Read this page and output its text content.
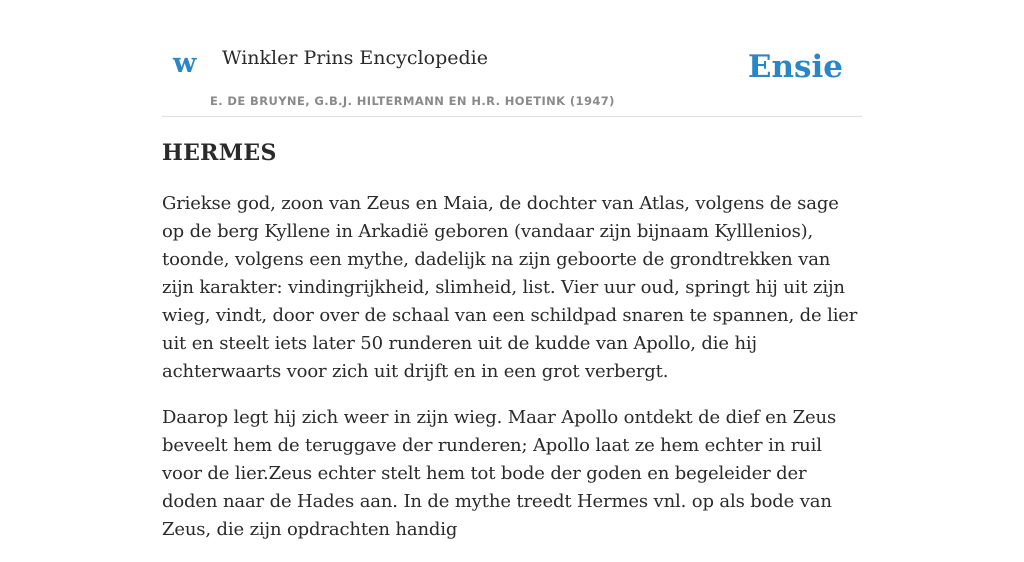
w Winkler Prins Encyclopedie
E. DE BRUYNE, G.B.J. HILTERMANN EN H.R. HOETINK (1947)
Ensie
HERMES

Griekse god, zoon van Zeus en Maia, de dochter van Atlas, volgens de sage op de berg Kyllene in Arkadië geboren (vandaar zijn bijnaam Kylllenios), toonde, volgens een mythe, dadelijk na zijn geboorte de grondtrekken van zijn karakter: vindingrijkheid, slimheid, list. Vier uur oud, springt hij uit zijn wieg, vindt, door over de schaal van een schildpad snaren te spannen, de lier uit en steelt iets later 50 runderen uit de kudde van Apollo, die hij achterwaarts voor zich uit drijft en in een grot verbergt.

Daarop legt hij zich weer in zijn wieg. Maar Apollo ontdekt de dief en Zeus beveelt hem de teruggave der runderen; Apollo laat ze hem echter in ruil voor de lier.Zeus echter stelt hem tot bode der goden en begeleider der doden naar de Hades aan. In de mythe treedt Hermes vnl. op als bode van Zeus, die zijn opdrachten handig
